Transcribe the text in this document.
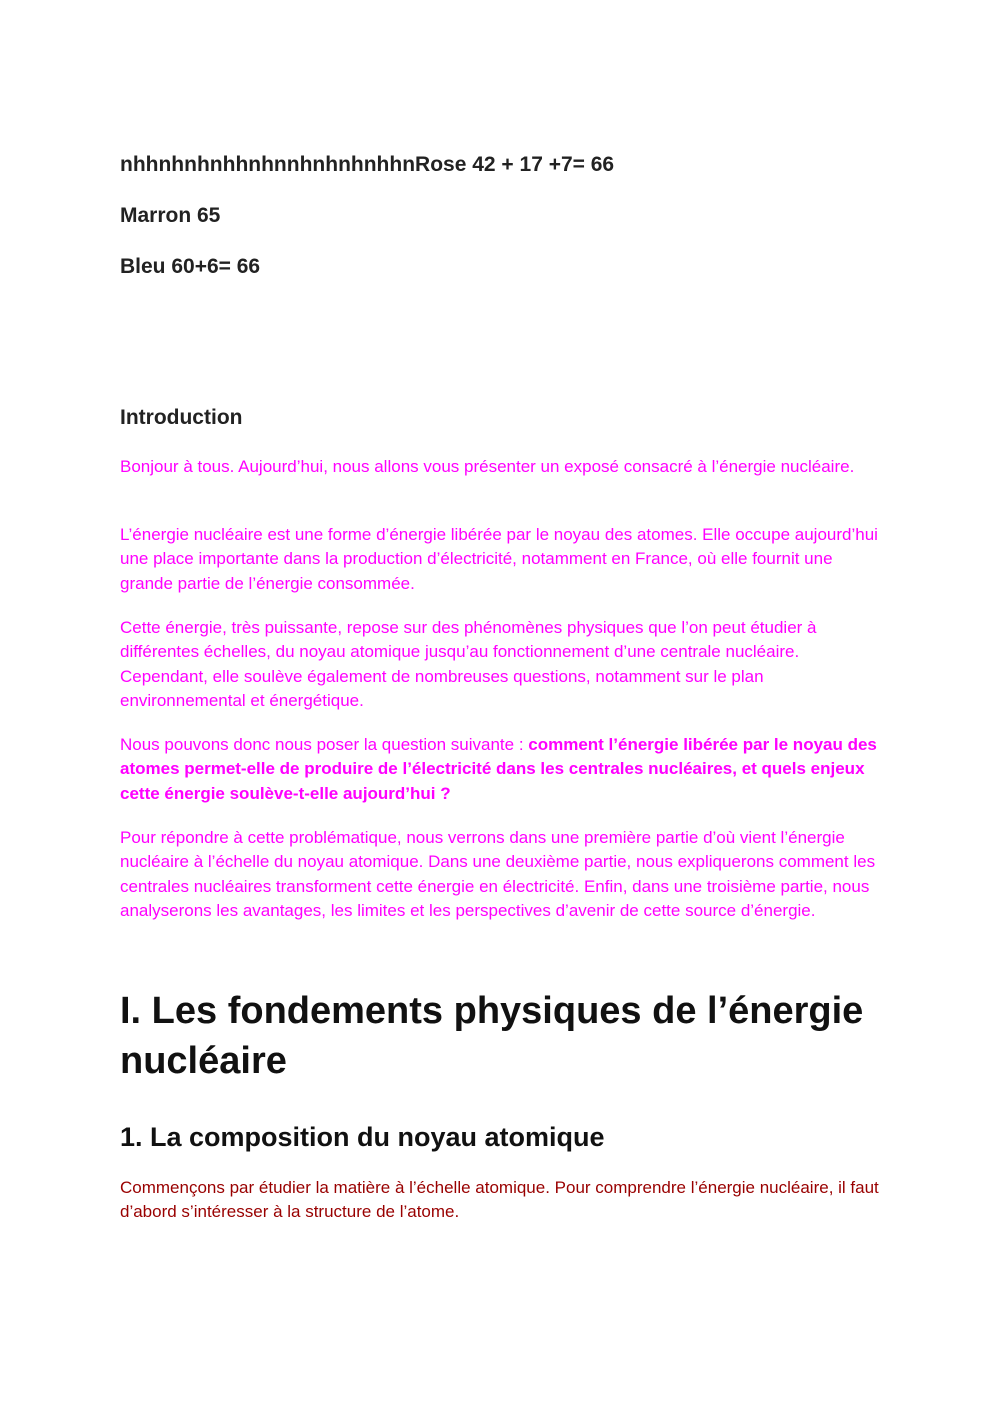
nhhnhnhnhhnhnnhnhnhnhhnRose 42 + 17 +7= 66
Marron 65
Bleu 60+6= 66
Introduction

Bonjour à tous. Aujourd’hui, nous allons vous présenter un exposé consacré à l’énergie nucléaire.

L’énergie nucléaire est une forme d’énergie libérée par le noyau des atomes. Elle occupe aujourd’hui une place importante dans la production d’électricité, notamment en France, où elle fournit une grande partie de l’énergie consommée.

Cette énergie, très puissante, repose sur des phénomènes physiques que l’on peut étudier à différentes échelles, du noyau atomique jusqu’au fonctionnement d’une centrale nucléaire. Cependant, elle soulève également de nombreuses questions, notamment sur le plan environnemental et énergétique.

Nous pouvons donc nous poser la question suivante : comment l’énergie libérée par le noyau des atomes permet-elle de produire de l’électricité dans les centrales nucléaires, et quels enjeux cette énergie soulève-t-elle aujourd’hui ?

Pour répondre à cette problématique, nous verrons dans une première partie d’où vient l’énergie nucléaire à l’échelle du noyau atomique. Dans une deuxième partie, nous expliquerons comment les centrales nucléaires transforment cette énergie en électricité. Enfin, dans une troisième partie, nous analyserons les avantages, les limites et les perspectives d’avenir de cette source d’énergie.

I. Les fondements physiques de l’énergie nucléaire
1. La composition du noyau atomique

Commençons par étudier la matière à l’échelle atomique. Pour comprendre l’énergie nucléaire, il faut d’abord s’intéresser à la structure de l’atome.
